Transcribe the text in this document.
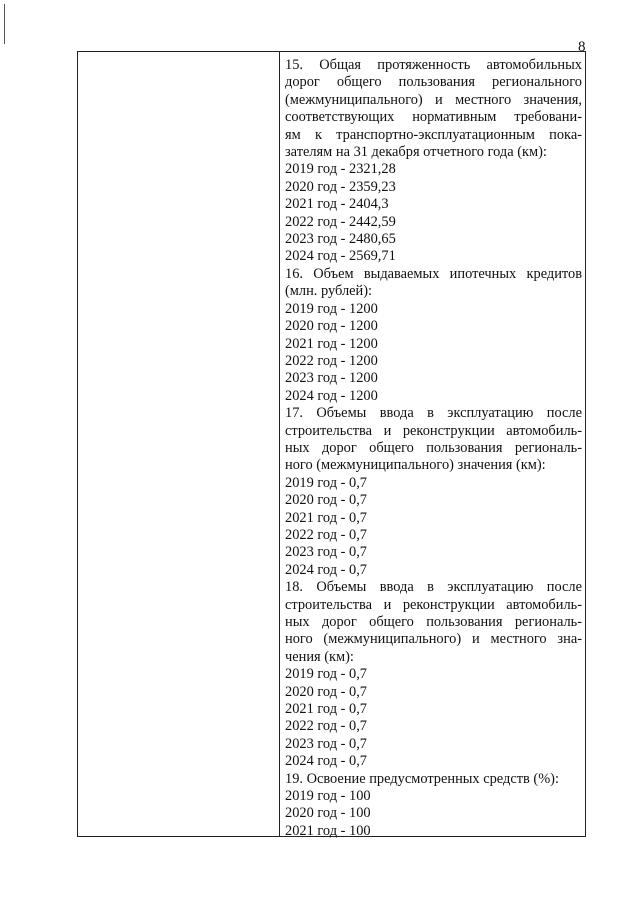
8

15. Общая протяженность автомобильных

дорог общего пользования регионального

(межмуниципального) и местного значения,

соответствующих нормативным требовани-

ям к транспортно-эксплуатационным пока-

зателям на 31 декабря отчетного года (км):

2019 год - 2321,28

2020 год - 2359,23

2021 год - 2404,3

2022 год - 2442,59

2023 год - 2480,65

2024 год - 2569,71

16. Объем выдаваемых ипотечных кредитов

(млн. рублей):

2019 год - 1200

2020 год - 1200

2021 год - 1200

2022 год - 1200

2023 год - 1200

2024 год - 1200

17. Объемы ввода в эксплуатацию после

строительства и реконструкции автомобиль-

ных дорог общего пользования региональ-

ного (межмуниципального) значения (км):

2019 год - 0,7

2020 год - 0,7

2021 год - 0,7

2022 год - 0,7

2023 год - 0,7

2024 год - 0,7

18. Объемы ввода в эксплуатацию после

строительства и реконструкции автомобиль-

ных дорог общего пользования региональ-

ного (межмуниципального) и местного зна-

чения (км):

2019 год - 0,7

2020 год - 0,7

2021 год - 0,7

2022 год - 0,7

2023 год - 0,7

2024 год - 0,7

19. Освоение предусмотренных средств (%):

2019 год - 100

2020 год - 100

2021 год - 100
